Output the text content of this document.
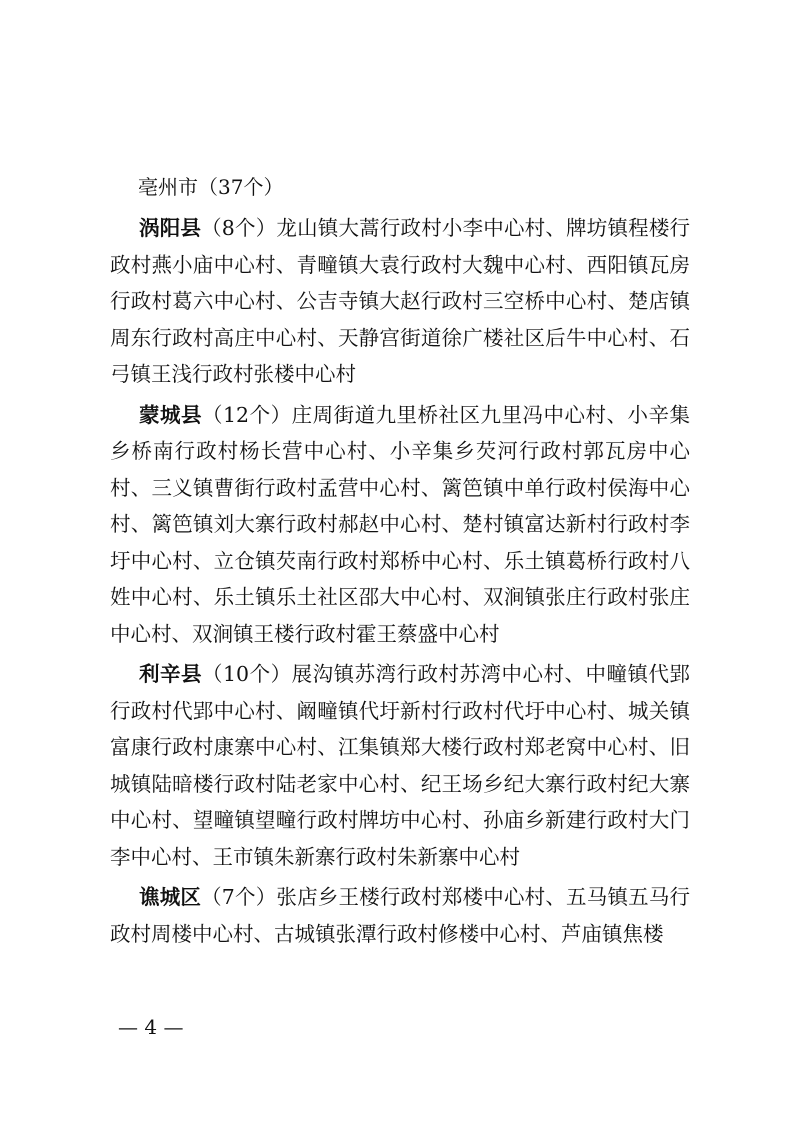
亳州市（37个）

涡阳县（8个）龙山镇大蒿行政村小李中心村、牌坊镇程楼行政村燕小庙中心村、青疃镇大袁行政村大魏中心村、西阳镇瓦房行政村葛六中心村、公吉寺镇大赵行政村三空桥中心村、楚店镇周东行政村高庄中心村、天静宫街道徐广楼社区后牛中心村、石弓镇王浅行政村张楼中心村

蒙城县（12个）庄周街道九里桥社区九里冯中心村、小辛集乡桥南行政村杨长营中心村、小辛集乡芡河行政村郭瓦房中心村、三义镇曹街行政村孟营中心村、篱笆镇中单行政村侯海中心村、篱笆镇刘大寨行政村郝赵中心村、楚村镇富达新村行政村李圩中心村、立仓镇芡南行政村郑桥中心村、乐土镇葛桥行政村八姓中心村、乐土镇乐土社区邵大中心村、双涧镇张庄行政村张庄中心村、双涧镇王楼行政村霍王蔡盛中心村

利辛县（10个）展沟镇苏湾行政村苏湾中心村、中疃镇代郢行政村代郢中心村、阚疃镇代圩新村行政村代圩中心村、城关镇富康行政村康寨中心村、江集镇郑大楼行政村郑老窝中心村、旧城镇陆暗楼行政村陆老家中心村、纪王场乡纪大寨行政村纪大寨中心村、望疃镇望疃行政村牌坊中心村、孙庙乡新建行政村大门李中心村、王市镇朱新寨行政村朱新寨中心村

谯城区（7个）张店乡王楼行政村郑楼中心村、五马镇五马行政村周楼中心村、古城镇张潭行政村修楼中心村、芦庙镇焦楼

— 4 —
